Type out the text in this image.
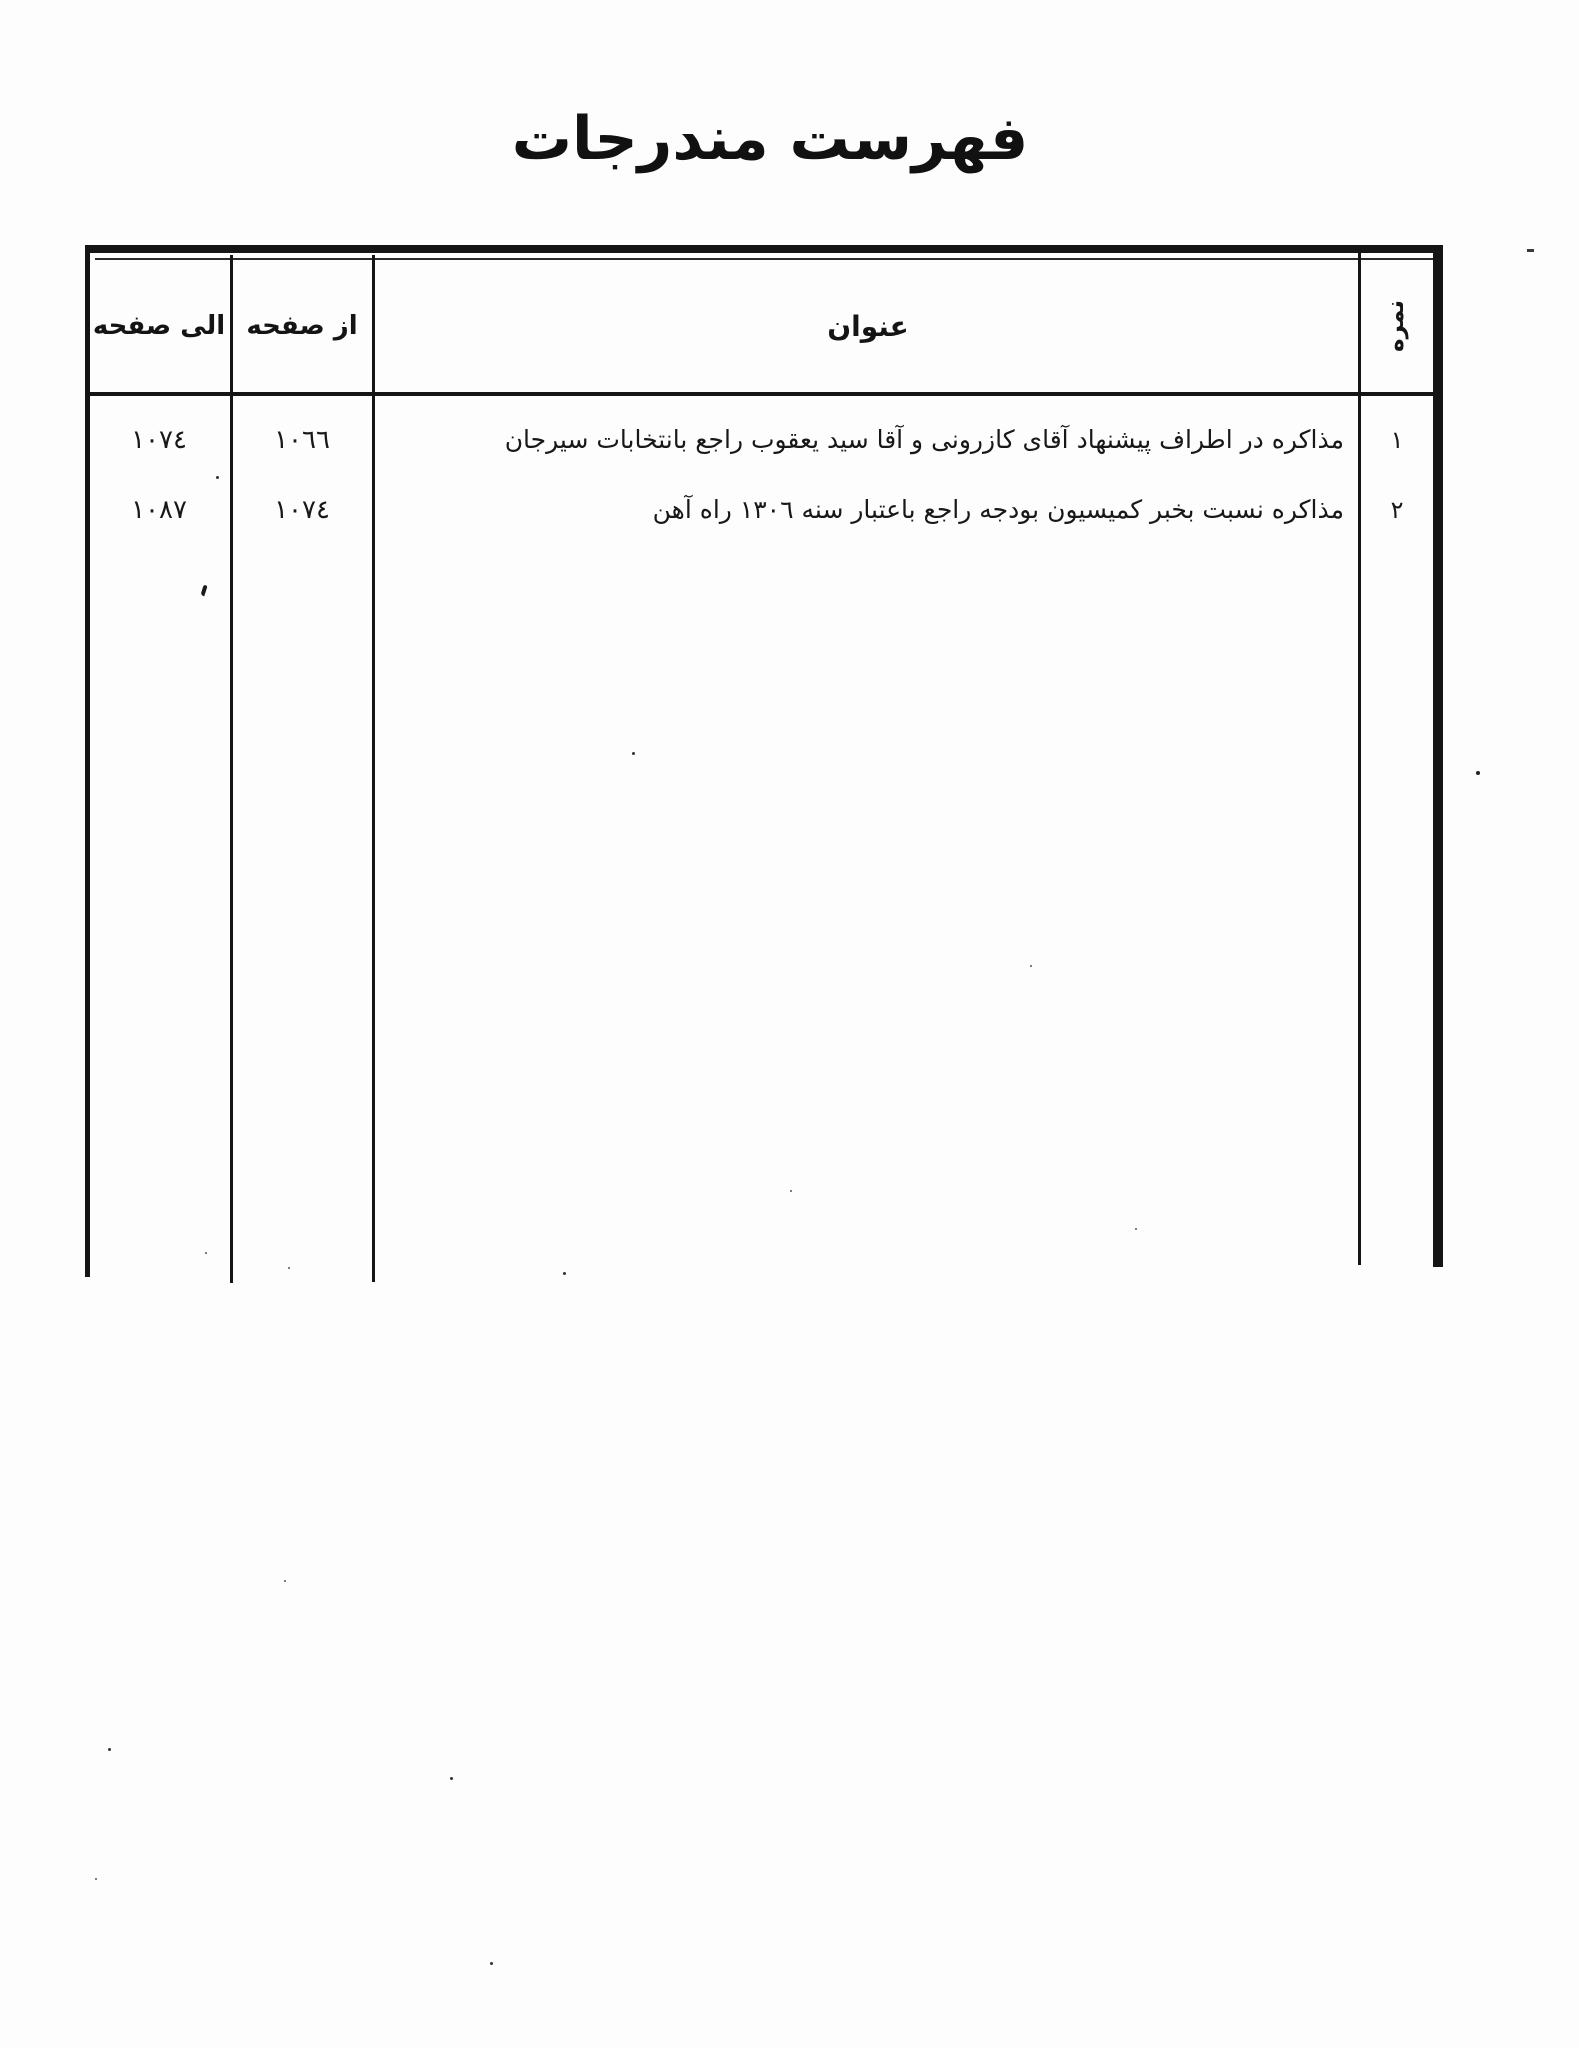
فهرست مندرجات
الی صفحه از صفحه	عنوان	نمره
١
مذاکره در اطراف پیشنهاد آقای کازرونی و آقا سید یعقوب راجع بانتخابات سیرجان
١٠٦٦
١٠٧٤
٢
مذاکره نسبت بخبر کمیسیون بودجه راجع باعتبار سنه ١٣٠٦ راه آهن
١٠٧٤
١٠٨٧
